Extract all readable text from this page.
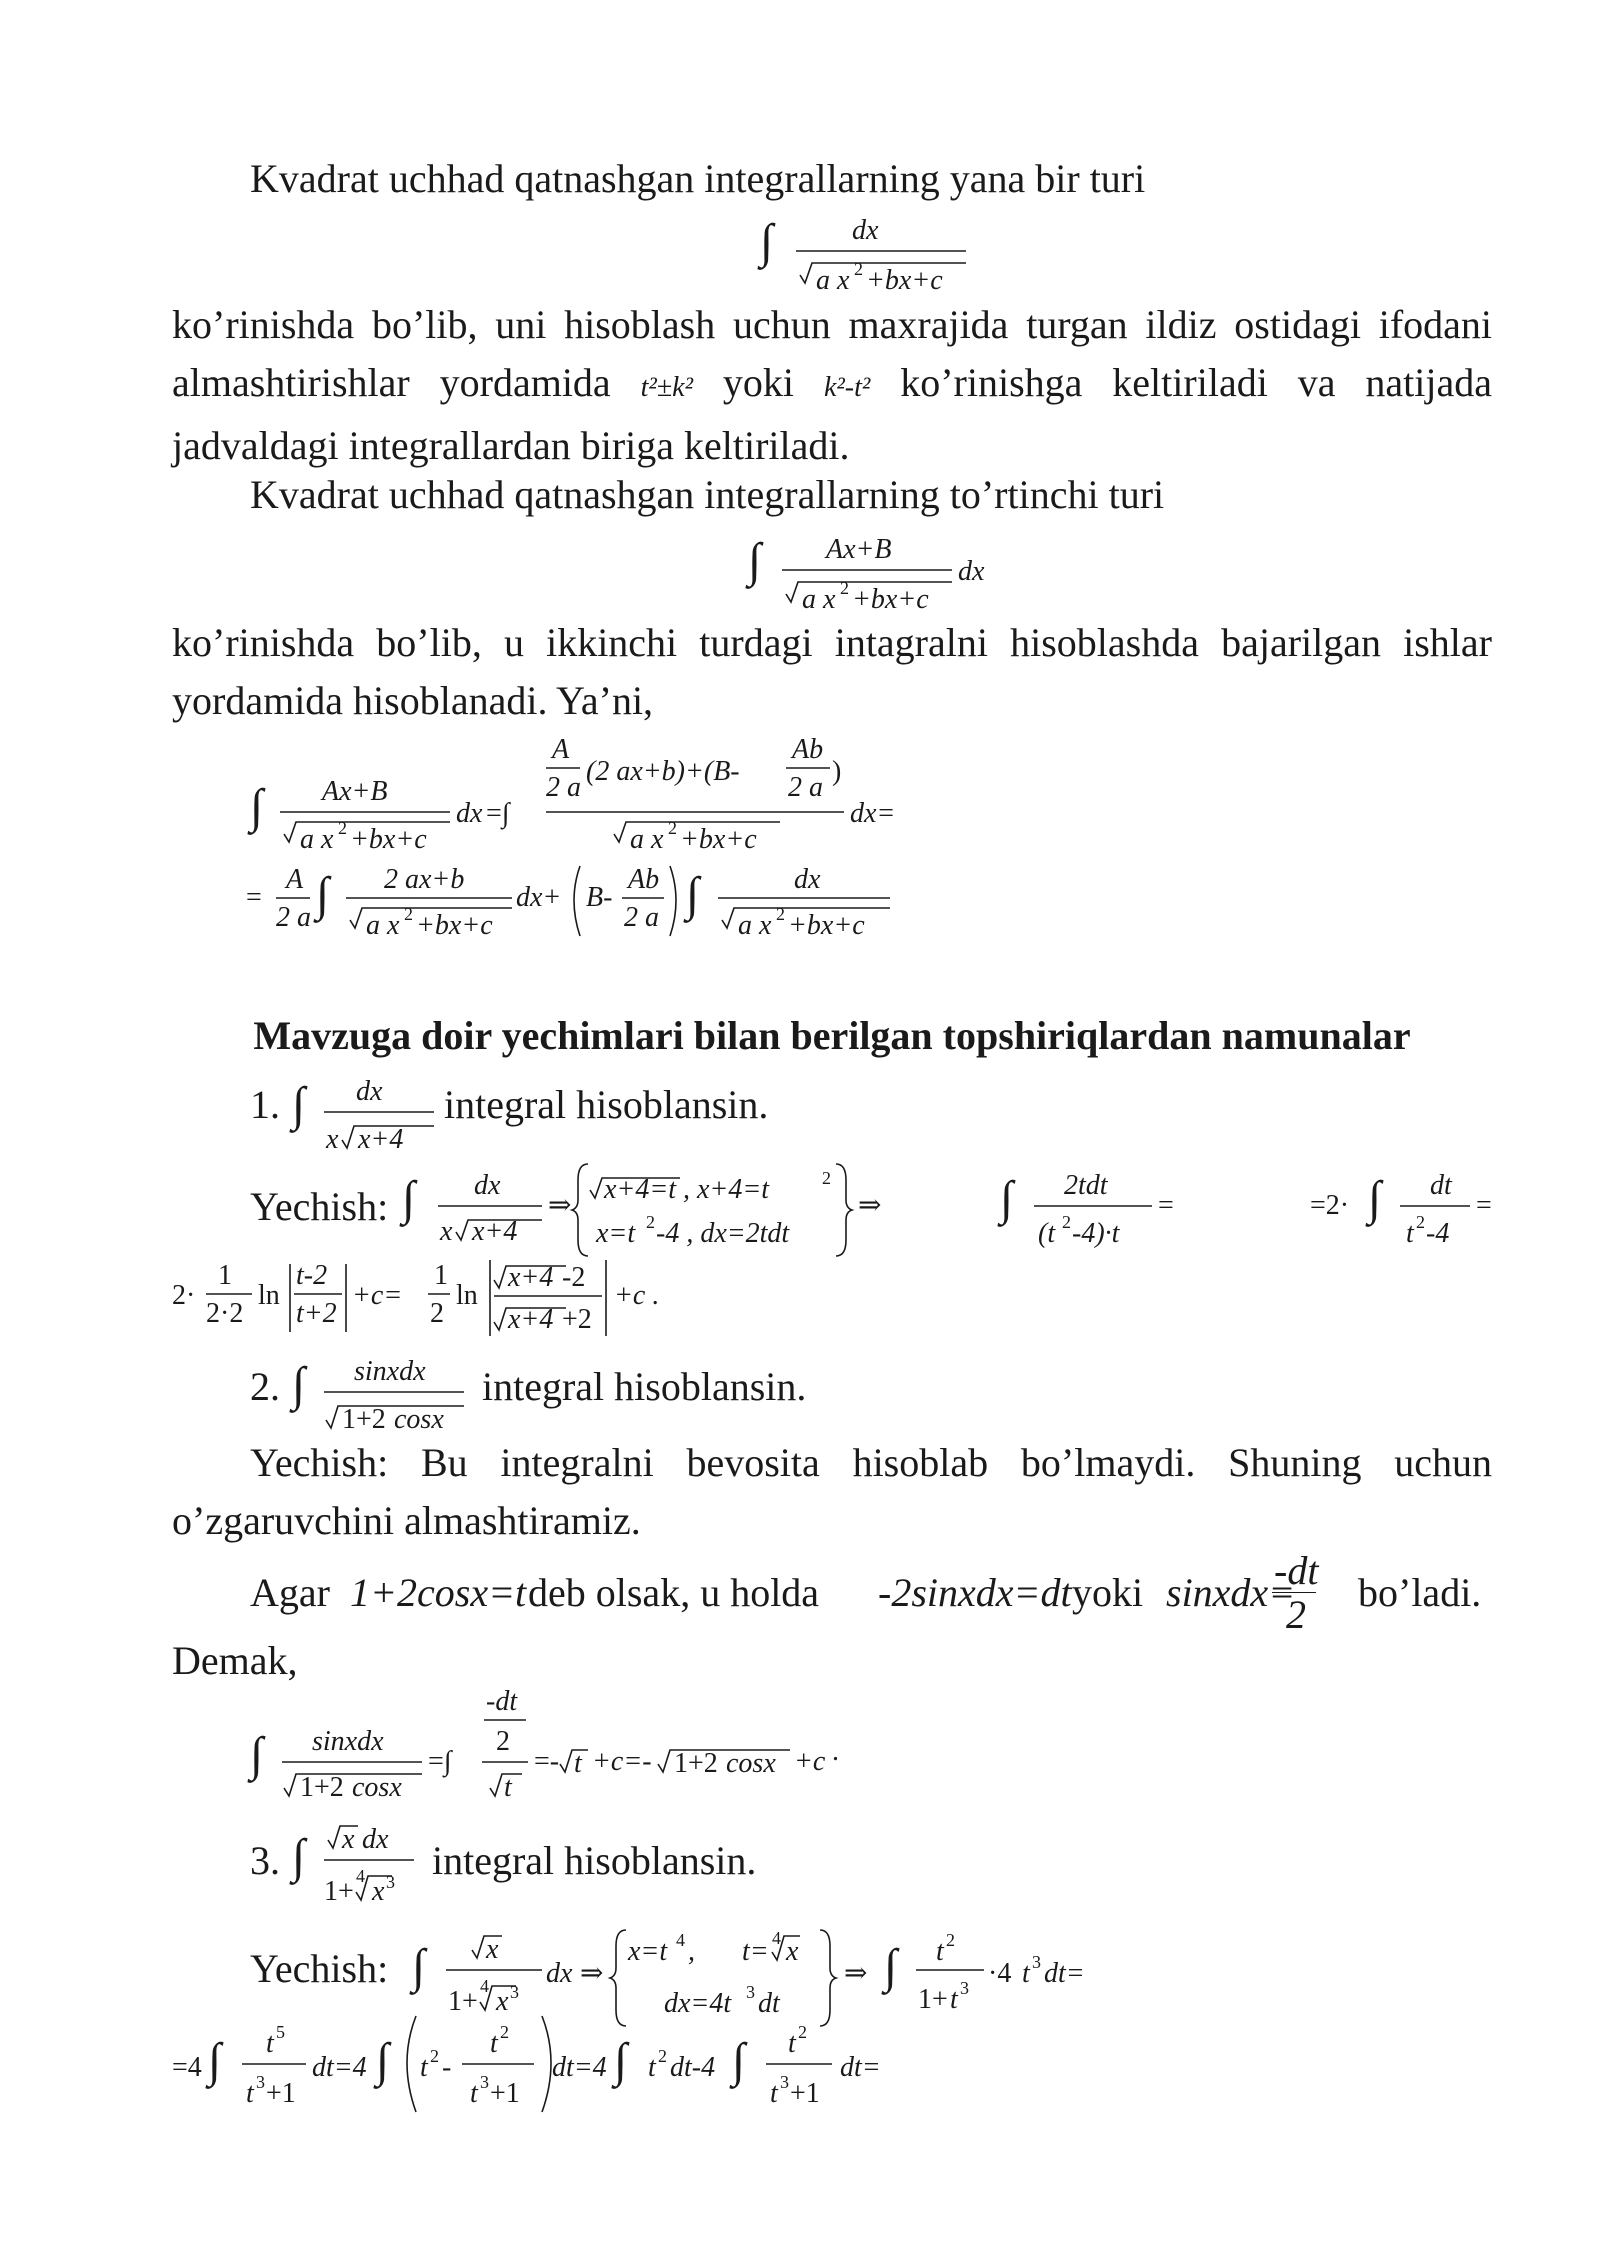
Kvadrat uchhad qatnashgan integrallarning yana bir turi

∫	dx
a x 2 +bx+c

ko’rinishda bo’lib, uni hisoblash uchun maxrajida turgan ildiz ostidagi ifodani almashtirishlar yordamida t²±k² yoki k²-t² ko’rinishga keltiriladi va natijada jadvaldagi integrallardan biriga keltiriladi.

Kvadrat uchhad qatnashgan integrallarning to’rtinchi turi

∫ Ax+B
dx
a x 2 +bx+c

ko’rinishda bo’lib, u ikkinchi turdagi intagralni hisoblashda bajarilgan ishlar yordamida hisoblanadi. Ya’ni,

∫ Ax+B
a x 2 +bx+c
dx =∫
A
2 a
(2 ax+b)+(B-
Ab
2 a
)
a x 2 +bx+c
dx=
=
A
2 a ∫ 2 ax+b
a x 2 +bx+c
dx+ B-
Ab
2 a ∫	dx
a x 2 +bx+c

Mavzuga doir yechimlari bilan berilgan topshiriqlardan namunalar

1. ∫ dx
x x+4
integral hisoblansin.
Yechish: ∫ dx
x x+4
⇒
x+4=t , x+4=t	2
x=t 2 -4 , dx=2tdt
⇒ ∫ 2tdt
(t 2 -4)·t
=	=2· ∫ dt
t 2 -4
=
2·
1
2·2
ln
t-2
t+2
+c=
1
2
ln
x+4 -2
x+4 +2
+c .
2. ∫ sinxdx
1+2 cosx
integral hisoblansin.

Yechish: Bu integralni bevosita hisoblab bo’lmaydi. Shuning uchun o’zgaruvchini almashtiramiz.

Agar 1+2cosx=t deb olsak, u holda -2sinxdx=dt yoki sinxdx=
-dt
2 bo’ladi.
Demak,
∫ sinxdx
1+2 cosx
=∫
-dt
2
t
=- t +c=- 1+2 cosx +c .
3. ∫ x dx
1+ 4 x 3 integral hisoblansin.
Yechish: ∫ x
1+ 4 x 3
dx ⇒
x=t 4 , t= 4 x
dx=4t 3 dt
⇒ ∫ t 2
1+ t 3 ·4 t 3 dt=
=4 ∫ t 5
t 3 +1
dt=4 ∫ t 2 -
t 2
t 3 +1
dt=4 ∫ t 2 dt-4 ∫ t 2
t 3 +1
dt=
